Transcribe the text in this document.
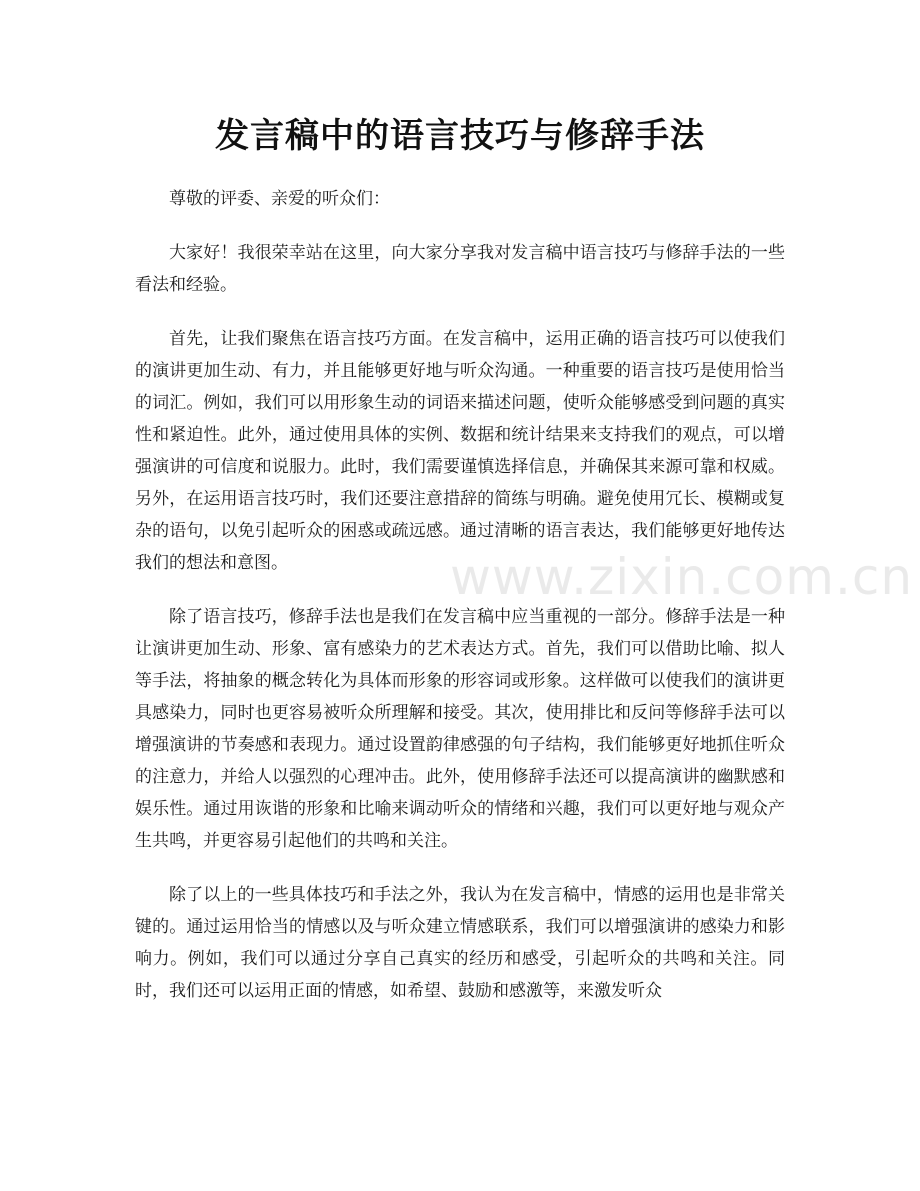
发言稿中的语言技巧与修辞手法

尊敬的评委、亲爱的听众们：

大家好！我很荣幸站在这里，向大家分享我对发言稿中语言技巧与修辞手法的一些看法和经验。

首先，让我们聚焦在语言技巧方面。在发言稿中，运用正确的语言技巧可以使我们的演讲更加生动、有力，并且能够更好地与听众沟通。一种重要的语言技巧是使用恰当的词汇。例如，我们可以用形象生动的词语来描述问题，使听众能够感受到问题的真实性和紧迫性。此外，通过使用具体的实例、数据和统计结果来支持我们的观点，可以增强演讲的可信度和说服力。此时，我们需要谨慎选择信息，并确保其来源可靠和权威。另外，在运用语言技巧时，我们还要注意措辞的简练与明确。避免使用冗长、模糊或复杂的语句，以免引起听众的困惑或疏远感。通过清晰的语言表达，我们能够更好地传达我们的想法和意图。

除了语言技巧，修辞手法也是我们在发言稿中应当重视的一部分。修辞手法是一种让演讲更加生动、形象、富有感染力的艺术表达方式。首先，我们可以借助比喻、拟人等手法，将抽象的概念转化为具体而形象的形容词或形象。这样做可以使我们的演讲更具感染力，同时也更容易被听众所理解和接受。其次，使用排比和反问等修辞手法可以增强演讲的节奏感和表现力。通过设置韵律感强的句子结构，我们能够更好地抓住听众的注意力，并给人以强烈的心理冲击。此外，使用修辞手法还可以提高演讲的幽默感和娱乐性。通过用诙谐的形象和比喻来调动听众的情绪和兴趣，我们可以更好地与观众产生共鸣，并更容易引起他们的共鸣和关注。

除了以上的一些具体技巧和手法之外，我认为在发言稿中，情感的运用也是非常关键的。通过运用恰当的情感以及与听众建立情感联系，我们可以增强演讲的感染力和影响力。例如，我们可以通过分享自己真实的经历和感受，引起听众的共鸣和关注。同时，我们还可以运用正面的情感，如希望、鼓励和感激等，来激发听众

www.zixin.com.cn
